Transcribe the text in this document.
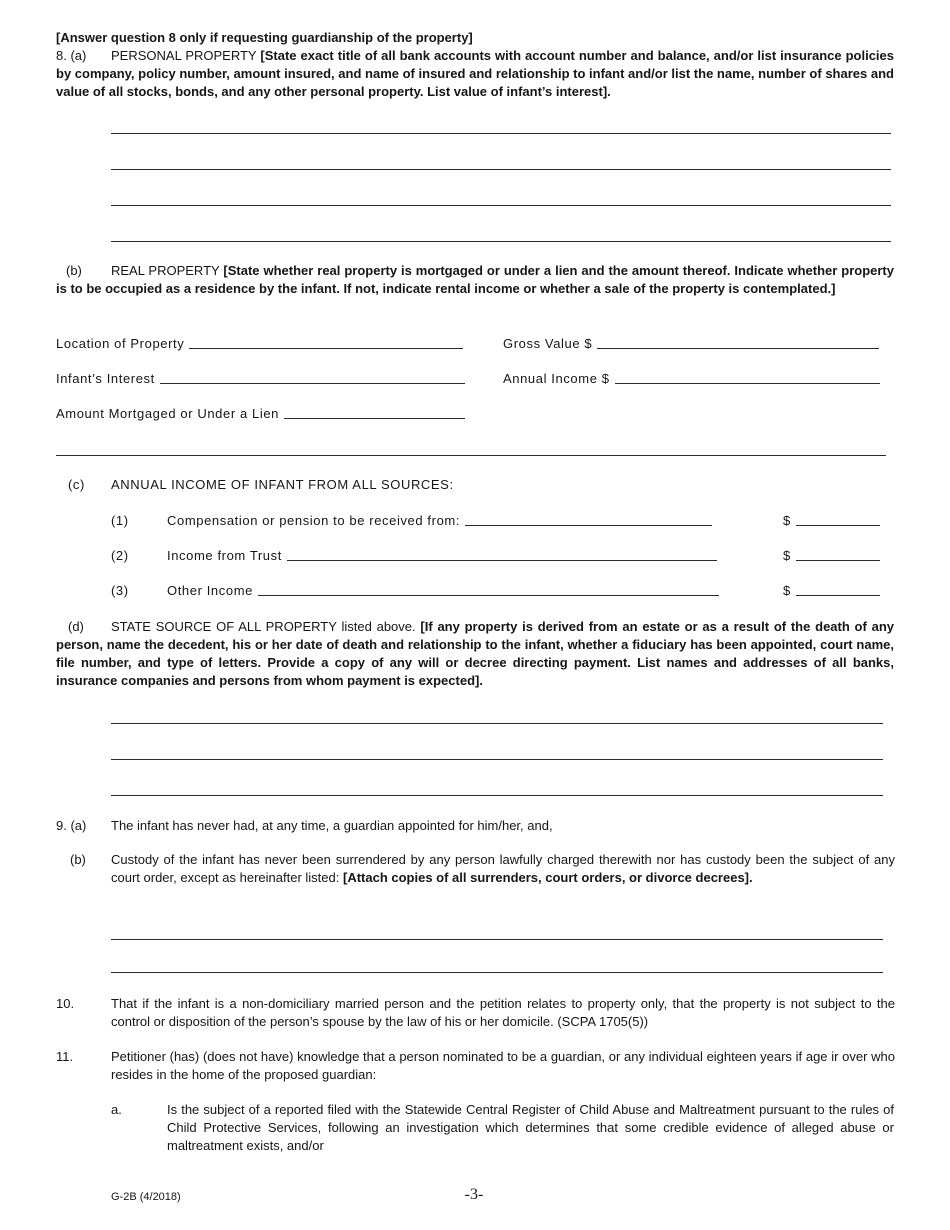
[Answer question 8 only if requesting guardianship of the property]
8. (a) PERSONAL PROPERTY [State exact title of all bank accounts with account number and balance, and/or list insurance policies by company, policy number, amount insured, and name of insured and relationship to infant and/or list the name, number of shares and value of all stocks, bonds, and any other personal property. List value of infant’s interest].
(b) REAL PROPERTY [State whether real property is mortgaged or under a lien and the amount thereof. Indicate whether property is to be occupied as a residence by the infant. If not, indicate rental income or whether a sale of the property is contemplated.]
Location of Property	Gross Value $
Infant’s Interest	Annual Income $
Amount Mortgaged or Under a Lien
(c) ANNUAL INCOME OF INFANT FROM ALL SOURCES:
(1)	Compensation or pension to be received from:	$
(2)	Income from Trust	$
(3)	Other Income	$
(d) STATE SOURCE OF ALL PROPERTY listed above. [If any property is derived from an estate or as a result of the death of any person, name the decedent, his or her date of death and relationship to the infant, whether a fiduciary has been appointed, court name, file number, and type of letters. Provide a copy of any will or decree directing payment. List names and addresses of all banks, insurance companies and persons from whom payment is expected].
9. (a) The infant has never had, at any time, a guardian appointed for him/her, and,
(b) Custody of the infant has never been surrendered by any person lawfully charged therewith nor has custody been the subject of any court order, except as hereinafter listed: [Attach copies of all surrenders, court orders, or divorce decrees].
10.	That if the infant is a non-domiciliary married person and the petition relates to property only, that the property is not subject to the control or disposition of the person’s spouse by the law of his or her domicile. (SCPA 1705(5))
11.	Petitioner (has) (does not have) knowledge that a person nominated to be a guardian, or any individual eighteen years if age ir over who resides in the home of the proposed guardian:
a.	Is the subject of a reported filed with the Statewide Central Register of Child Abuse and Maltreatment pursuant to the rules of Child Protective Services, following an investigation which determines that some credible evidence of alleged abuse or maltreatment exists, and/or
G-2B (4/2018)	-3-
